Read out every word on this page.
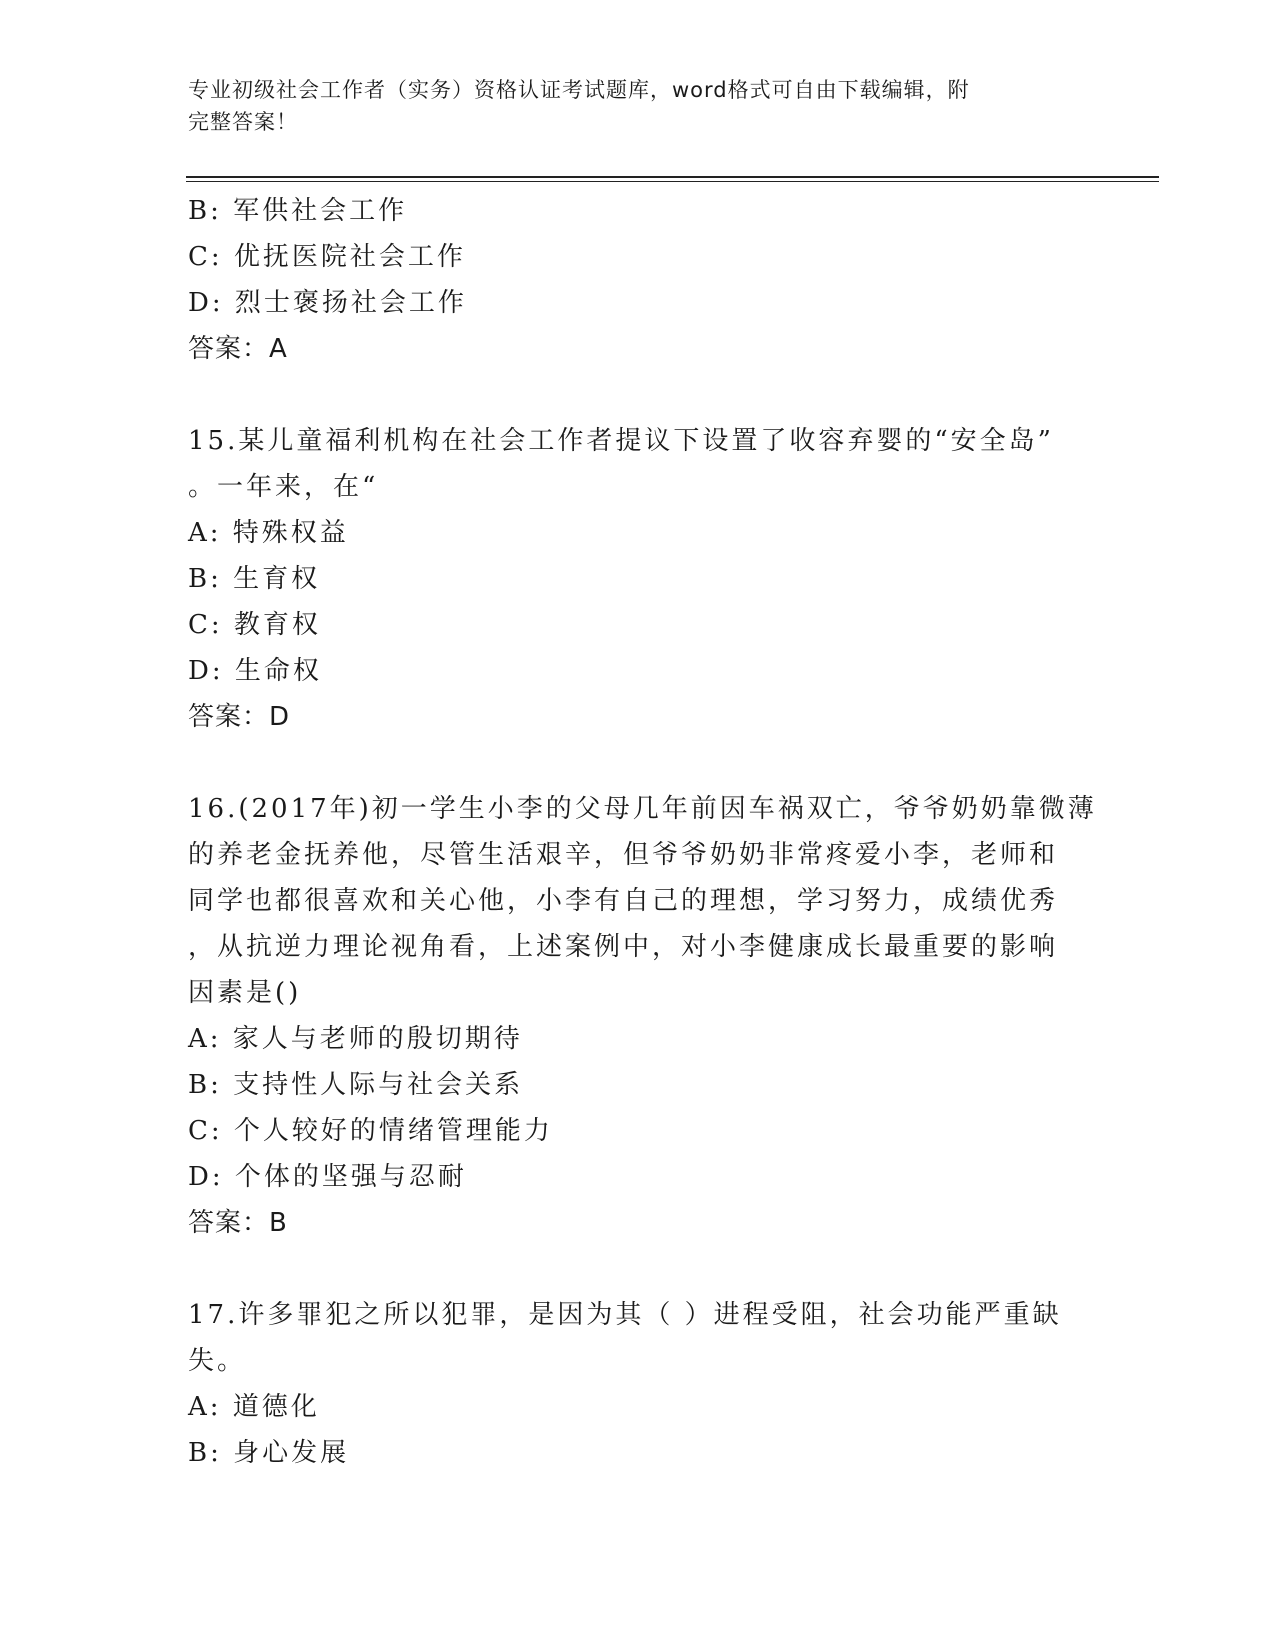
专业初级社会工作者（实务）资格认证考试题库，word格式可自由下载编辑，附
完整答案！
B: 军供社会工作
C: 优抚医院社会工作
D: 烈士褒扬社会工作
答案：A
15.某儿童福利机构在社会工作者提议下设置了收容弃婴的“安全岛”
。一年来，在“
A: 特殊权益
B: 生育权
C: 教育权
D: 生命权
答案：D
16.(2017年)初一学生小李的父母几年前因车祸双亡，爷爷奶奶靠微薄
的养老金抚养他，尽管生活艰辛，但爷爷奶奶非常疼爱小李，老师和
同学也都很喜欢和关心他，小李有自己的理想，学习努力，成绩优秀
，从抗逆力理论视角看，上述案例中，对小李健康成长最重要的影响
因素是()
A: 家人与老师的殷切期待
B: 支持性人际与社会关系
C: 个人较好的情绪管理能力
D: 个体的坚强与忍耐
答案：B
17.许多罪犯之所以犯罪，是因为其（ ）进程受阻，社会功能严重缺
失。
A: 道德化
B: 身心发展
